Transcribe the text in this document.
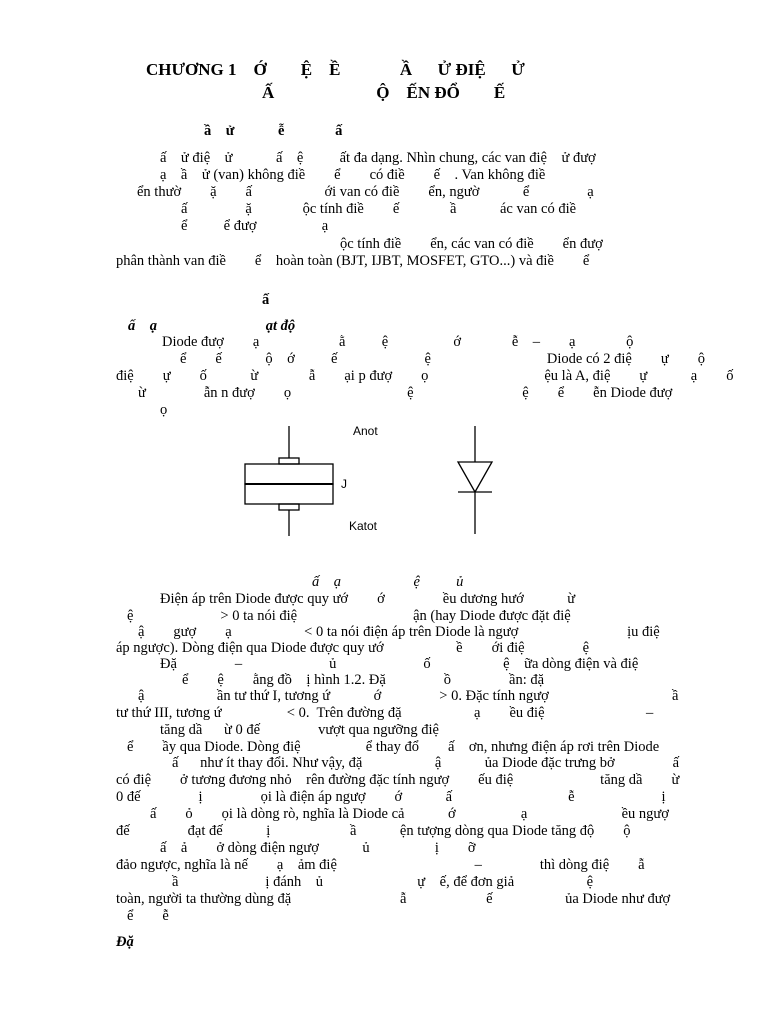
CHƯƠNG 1    Ớ        Ệ    Ề              Ầ      Ử ĐIỆ      Ử
Ấ                        Ộ    ẾN ĐỔ        Ế
ầ    ử            ễ              ấ
ấ    ử điệ    ử            ấ    ệ          ất đa dạng. Nhìn chung, các van điệ    ử đượ
ạ    ầ    ử (van) không điề        ể        có điề        ế    . Van không điề
ển thườ        ặ        ấ                    ới van có điề        ển, ngườ            ể                ạ
ấ                ặ              ộc tính điề        ế              ầ            ác van có điề
ể          ể đượ                  ạ
ộc tính điề        ển, các van có điề        ển đượ
phân thành van điề        ể    hoàn toàn (BJT, IJBT, MOSFET, GTO...) và điề        ể
ấ
ấ    ạ                              ạt độ
Diode đượ        ạ                      ằ          ệ                  ớ              ễ    –        ạ              ộ
ể        ế            ộ    ớ          ế                        ệ                                Diode có 2 điệ        ự        ộ
điệ        ự        ố            ừ              ẫ        ại p đượ        ọ                                ệu là A, điệ        ự            ạ        ố
ừ                ẫn n đượ        ọ                                ệ                              ệ        ể        ễn Diode đượ
ọ
Anot
J
Katot
ấ    ạ                    ệ          ủ
Điện áp trên Diode được quy ướ        ớ                ều dương hướ            ừ
ệ                        > 0 ta nói điệ                                ận (hay Diode được đặt điệ
ậ        gượ        ạ                    < 0 ta nói điện áp trên Diode là ngượ                              ịu điệ
áp ngược). Dòng điện qua Diode được quy ướ                    ề        ới điệ                ệ
Đặ                –                        ủ                        ố                    ệ    ữa dòng điện và điệ
ể        ệ        ằng đồ    ị hình 1.2. Đặ                ồ                ần: đặ
ậ                    ần tư thứ I, tương ứ            ớ                > 0. Đặc tính ngượ                                  ầ
tư thứ III, tương ứ                  < 0.  Trên đường đặ                    ạ        ều điệ                            –
tăng dầ      ừ 0 đế                vượt qua ngưỡng điệ
ể        ầy qua Diode. Dòng điệ                  ể thay đổ        ấ    ơn, nhưng điện áp rơi trên Diode
ấ      như ít thay đổi. Như vậy, đặ                    ậ            ủa Diode đặc trưng bở                ấ
có điệ        ở tương đương nhỏ    rên đường đặc tính ngượ        ếu điệ                        tăng dầ        ừ
0 đế                ị                ọi là điện áp ngượ        ớ            ấ                                ễ                        ị
ấ        ỏ        ọi là dòng rò, nghĩa là Diode cả            ớ                  ạ                          ều ngượ
đế                đạt đế            ị                      ầ            ện tượng dòng qua Diode tăng độ        ộ
ấ    ả        ở dòng điện ngượ            ủ                  ị        ỡ
đảo ngược, nghĩa là nế        ạ    ảm điệ                                      –                thì dòng điệ        ẫ
ầ                        ị đánh    ủ                          ự    ế, để đơn giả                    ệ
toàn, người ta thường dùng đặ                              ẫ                      ế                    ủa Diode như đượ
ể        ễ
Đặ
